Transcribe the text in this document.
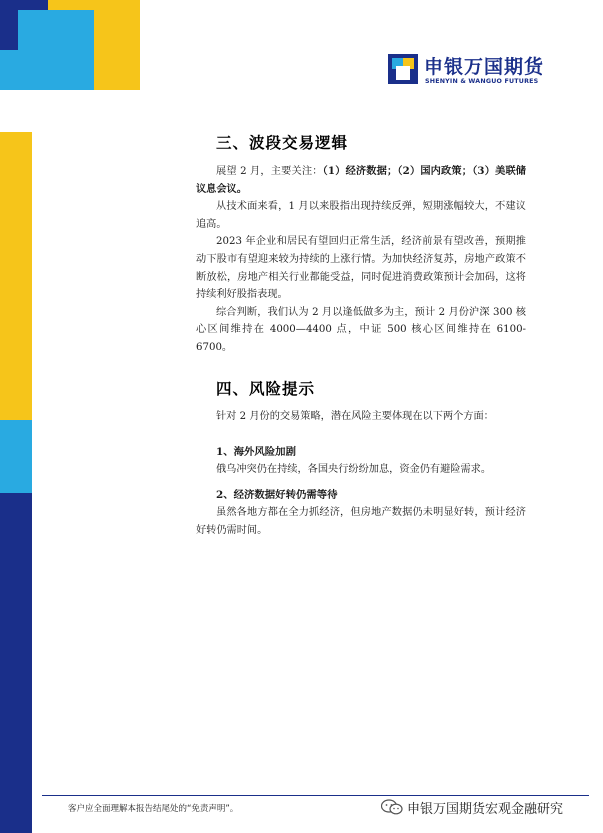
申银万国期货
SHENYIN & WANGUO FUTURES
三、波段交易逻辑

展望 2 月，主要关注：（1）经济数据；（2）国内政策；（3）美联储议息会议。

从技术面来看，1 月以来股指出现持续反弹，短期涨幅较大，不建议追高。

2023 年企业和居民有望回归正常生活，经济前景有望改善，预期推动下股市有望迎来较为持续的上涨行情。为加快经济复苏，房地产政策不断放松，房地产相关行业都能受益，同时促进消费政策预计会加码，这将持续利好股指表现。

综合判断，我们认为 2 月以逢低做多为主，预计 2 月份沪深 300 核心区间维持在 4000—4400 点，中证 500 核心区间维持在 6100-6700。

四、风险提示

针对 2 月份的交易策略，潜在风险主要体现在以下两个方面：

1、海外风险加剧

俄乌冲突仍在持续，各国央行纷纷加息，资金仍有避险需求。

2、经济数据好转仍需等待

虽然各地方都在全力抓经济，但房地产数据仍未明显好转，预计经济好转仍需时间。

客户应全面理解本报告结尾处的“免责声明”。	申银万国期货宏观金融研究
